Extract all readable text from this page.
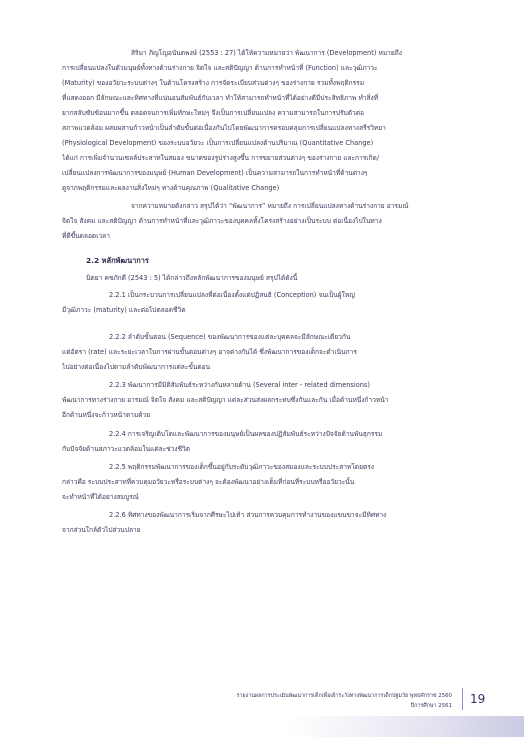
สิริมา ภิญโญอนันตพงษ์ (2553 : 27) ได้ให้ความหมายว่า พัฒนาการ (Development) หมายถึง
การเปลี่ยนแปลงในตัวมนุษย์ทั้งทางด้านร่างกาย จิตใจ และสติปัญญา ด้านการทำหน้าที่ (Function) และวุฒิภาวะ
(Maturity) ของอวัยวะระบบต่างๆ ในด้านโครงสร้าง การจัดระเบียบส่วนต่างๆ ของร่างกาย รวมทั้งพฤติกรรม
ที่แสดงออก มีลักษณะและทิศทางที่แน่นอนสัมพันธ์กับเวลา ทำให้สามารถทำหน้าที่ได้อย่างดีมีประสิทธิภาพ ทำสิ่งที่
ยากสลับซับซ้อนมากขึ้น ตลอดจนการเพิ่มทักษะใหม่ๆ จึงเป็นการเปลี่ยนแปลง ความสามารถในการปรับตัวต่อ
สภาพแวดล้อม ผสมผสานก้าวหน้าเป็นลำดับขั้นต่อเนื่องกันไปโดยพัฒนาการครอบคลุมการเปลี่ยนแปลงทางสรีรวิทยา
(Physiological Development) ของระบบอวัยวะ เป็นการเปลี่ยนแปลงด้านปริมาณ (Quantitative Change)
ได้แก่ การเพิ่มจำนวนเซลล์ประสาทในสมอง ขนาดของรูปร่างสูงขึ้น การขยายส่วนต่างๆ ของร่างกาย และการเกิด/
เปลี่ยนแปลงการพัฒนาการของมนุษย์ (Human Development) เป็นความสามารถในการทำหน้าที่ด้านต่างๆ
ดูจากพฤติกรรมและผลงานสิ่งใหม่ๆ ทางด้านคุณภาพ (Qualitative Change)
จากความหมายดังกล่าว สรุปได้ว่า “พัฒนาการ” หมายถึง การเปลี่ยนแปลงทางด้านร่างกาย อารมณ์
จิตใจ สังคม และสติปัญญา ด้านการทำหน้าที่และวุฒิภาวะของบุคคลทั้งโครงสร้างอย่างเป็นระบบ ต่อเนื่องไปในทาง
ที่ดีขึ้นตลอดเวลา
2.2 หลักพัฒนาการ
นิตยา คชภักดี (2543 : 5) ได้กล่าวถึงหลักพัฒนาการของมนุษย์ สรุปได้ดังนี้
2.2.1 เป็นกระบวนการเปลี่ยนแปลงที่ต่อเนื่องตั้งแต่ปฏิสนธิ (Conception) จนเป็นผู้ใหญ่
มีวุฒิภาวะ (maturity) และต่อไปตลอดชีวิต
2.2.2 ลำดับขั้นตอน (Sequence) ของพัฒนาการของแต่ละบุคคลจะมีลักษณะเดียวกัน
แต่อัตรา (rate) และระยะเวลาในการผ่านขั้นตอนต่างๆ อาจต่างกันได้ ซึ่งพัฒนาการของเด็กจะดำเนินการ
ไปอย่างต่อเนื่องไปตามลำดับพัฒนาการแต่ละขั้นตอน
2.2.3 พัฒนาการมีมิติสัมพันธ์ระหว่างกันหลายด้าน (Several inter - related dimensions)
พัฒนาการทางร่างกาย อารมณ์ จิตใจ สังคม และสติปัญญา แต่ละส่วนส่งผลกระทบซึ่งกันและกัน เมื่อด้านหนึ่งก้าวหน้า
อีกด้านหนึ่งจะก้าวหน้าตามด้วย
2.2.4 การเจริญเติบโตและพัฒนาการของมนุษย์เป็นผลของปฏิสัมพันธ์ระหว่างปัจจัยด้านพันธุกรรม
กับปัจจัยด้านสภาวะแวดล้อมในแต่ละช่วงชีวิต
2.2.5 พฤติกรรมพัฒนาการของเด็กขึ้นอยู่กับระดับวุฒิภาวะของสมองและระบบประสาทโดยตรง
กล่าวคือ ระบบประสาทที่ควบคุมอวัยวะหรือระบบต่างๆ จะต้องพัฒนาอย่างเต็มที่ก่อนที่ระบบหรืออวัยวะนั้น
จะทำหน้าที่ได้อย่างสมบูรณ์
2.2.6 ทิศทางของพัฒนาการเริ่มจากศีรษะไปเท้า ส่วนการควบคุมการทำงานของแขนขาจะมีทิศทาง
จากส่วนใกล้ตัวไปส่วนปลาย
รายงานผลการประเมินพัฒนาการเด็กเพื่อเฝ้าระวังทางพัฒนาการเด็กปฐมวัย พุทธศักราช 2560
ปีการศึกษา 2561 19
